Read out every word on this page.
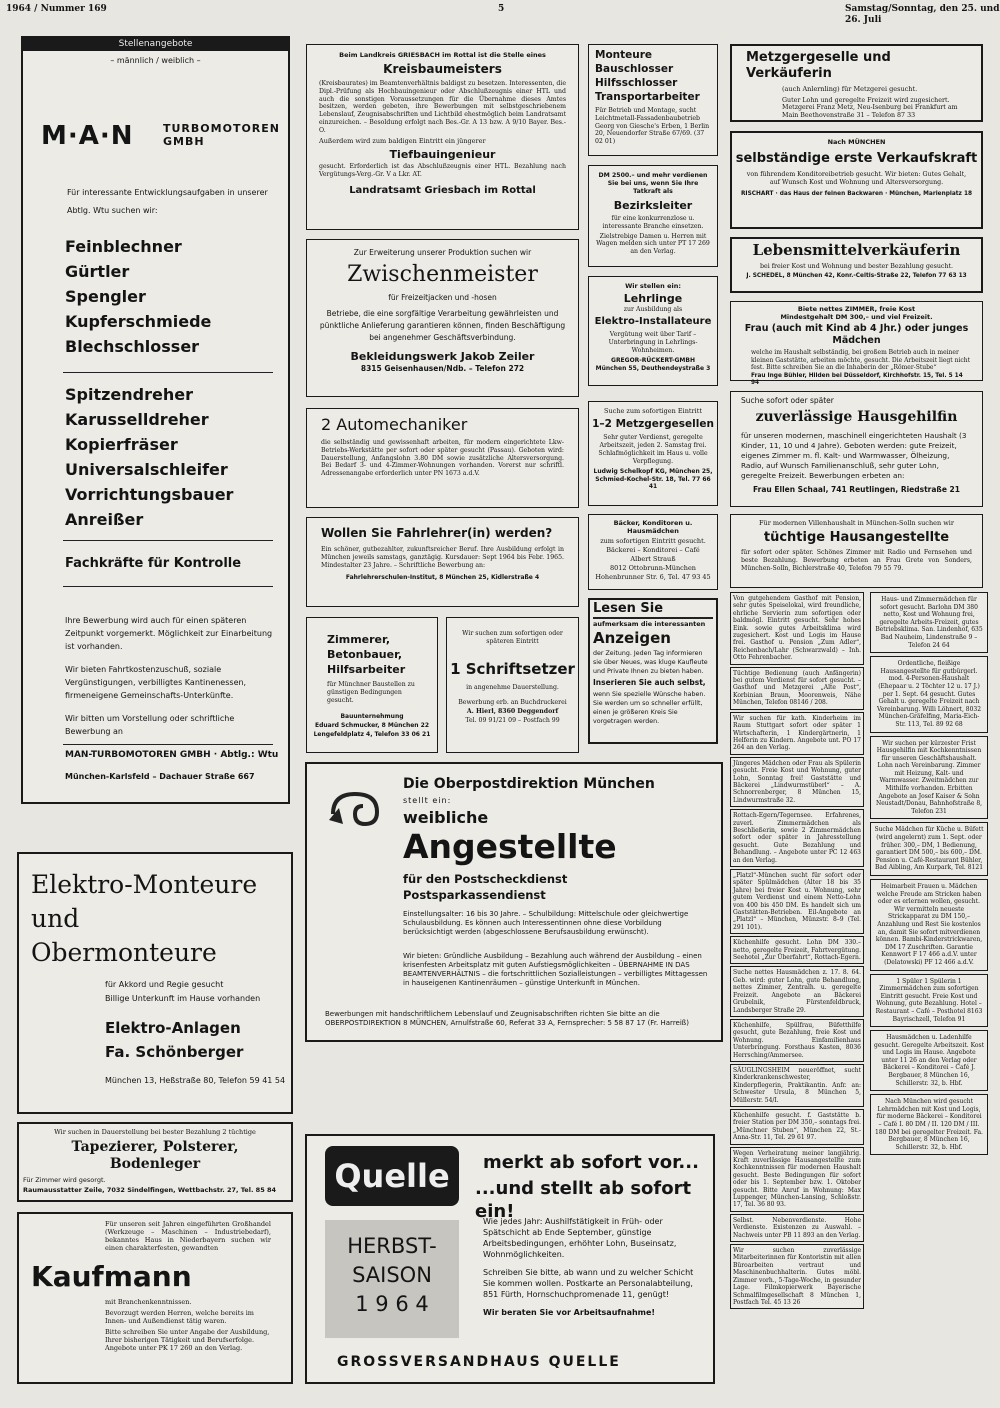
1964 / Nummer 169	5	Samstag/Sonntag, den 25. und 26. Juli
Stellenangebote
– männlich / weiblich –
M·A·N	TURBOMOTOREN
GMBH
Für interessante Entwicklungsaufgaben in unserer Abtlg. Wtu suchen wir:
Feinblechner
Gürtler
Spengler
Kupferschmiede
Blechschlosser
Spitzendreher
Karusselldreher
Kopierfräser
Universalschleifer
Vorrichtungsbauer
Anreißer
Fachkräfte für Kontrolle

Ihre Bewerbung wird auch für einen späteren Zeitpunkt vorgemerkt. Möglichkeit zur Einarbeitung ist vorhanden.

Wir bieten Fahrtkostenzuschuß, soziale Vergünstigungen, verbilligtes Kantinenessen, firmeneigene Gemeinschafts-Unterkünfte.

Wir bitten um Vorstellung oder schriftliche Bewerbung an

MAN-TURBOMOTOREN GMBH · Abtlg.: Wtu
München-Karlsfeld – Dachauer Straße 667
Elektro-Monteure
und
Obermonteure
für Akkord und Regie gesucht
Billige Unterkunft im Hause vorhanden
Elektro-Anlagen
Fa. Schönberger
München 13, Heßstraße 80, Telefon 59 41 54
Wir suchen in Dauerstellung bei bester Bezahlung 2 tüchtige
Tapezierer, Polsterer,
Bodenleger
Für Zimmer wird gesorgt.
Raumausstatter Zeile, 7032 Sindelfingen, Wettbachstr. 27, Tel. 85 84
Für unseren seit Jahren eingeführten Großhandel (Werkzeuge – Maschinen – Industriebedarf), bekanntes Haus in Niederbayern suchen wir einen charakterfesten, gewandten
Kaufmann
mit Branchenkenntnissen.
Bevorzugt werden Herren, welche bereits im Innen- und Außendienst tätig waren.
Bitte schreiben Sie unter Angabe der Ausbildung, Ihrer bisherigen Tätigkeit und Berufserfolge. Angebote unter PK 17 260 an den Verlag.
Beim Landkreis GRIESBACH im Rottal ist die Stelle eines
Kreisbaumeisters
(Kreisbaurates) im Beamtenverhältnis baldigst zu besetzen. Interessenten, die Dipl.-Prüfung als Hochbauingenieur oder Abschlußzeugnis einer HTL und auch die sonstigen Voraussetzungen für die Übernahme dieses Amtes besitzen, werden gebeten, ihre Bewerbungen mit selbstgeschriebenem Lebenslauf, Zeugnisabschriften und Lichtbild ehestmöglich beim Landratsamt einzureichen. – Besoldung erfolgt nach Bes.-Gr. A 13 bzw. A 9/10 Bayer. Bes.-O.
Außerdem wird zum baldigen Eintritt ein jüngerer
Tiefbauingenieur
gesucht. Erforderlich ist das Abschlußzeugnis einer HTL. Bezahlung nach Vergütungs-Verg.-Gr. V a Lkr. AT.
Landratsamt Griesbach im Rottal
Zur Erweiterung unserer Produktion suchen wir
Zwischenmeister
für Freizeitjacken und -hosen
Betriebe, die eine sorgfältige Verarbeitung gewährleisten und pünktliche Anlieferung garantieren können, finden Beschäftigung bei angenehmer Geschäftsverbindung.
Bekleidungswerk Jakob Zeiler
8315 Geisenhausen/Ndb. – Telefon 272
2 Automechaniker
die selbständig und gewissenhaft arbeiten, für modern eingerichtete Lkw-Betriebs-Werkstätte per sofort oder später gesucht (Passau). Geboten wird: Dauerstellung, Anfangslohn 3.80 DM sowie zusätzliche Altersversorgung. Bei Bedarf 3- und 4-Zimmer-Wohnungen vorhanden. Vorerst nur schriftl. Adressenangabe erforderlich unter PN 1673 a.d.V.
Wollen Sie Fahrlehrer(in) werden?
Ein schöner, gutbezahlter, zukunftsreicher Beruf. Ihre Ausbildung erfolgt in München jeweils samstags, ganztägig. Kursdauer: Sept 1964 bis Febr. 1965. Mindestalter 23 Jahre. – Schriftliche Bewerbung an:
Fahrlehrerschulen-Institut, 8 München 25, Kidlerstraße 4
Zimmerer, Betonbauer, Hilfsarbeiter
für Münchner Baustellen zu günstigen Bedingungen gesucht.
Bauunternehmung
Eduard Schmucker, 8 München 22
Lengefeldplatz 4, Telefon 33 06 21
Wir suchen zum sofortigen oder späteren Eintritt
1 Schriftsetzer
in angenehme Dauerstellung.
Bewerbung erb. an Buchdruckerei
A. Hierl, 8360 Deggendorf
Tel. 09 91/21 09 – Postfach 99
Monteure Bauschlosser Hilfsschlosser Transportarbeiter
Für Betrieb und Montage, sucht Leichtmetall-Fassadenbaubetrieb Georg von Giesche's Erben, 1 Berlin 20, Neuendorfer Straße 67/69. (37 02 01)
DM 2500.– und mehr verdienen Sie bei uns, wenn Sie Ihre Tatkraft als
Bezirksleiter
für eine konkurrenzlose u. interessante Branche einsetzen.
Zielstrebige Damen u. Herren mit Wagen melden sich unter PT 17 269 an den Verlag.
Wir stellen ein:
Lehrlinge
zur Ausbildung als
Elektro-Installateure
Vergütung weit über Tarif – Unterbringung in Lehrlings-Wohnheimen.
GREGOR-RÜCKERT-GMBH
München 55, Deuthendeystraße 3
Suche zum sofortigen Eintritt
1–2 Metzgergesellen
Sehr guter Verdienst, geregelte Arbeitszeit, jeden 2. Samstag frei. Schlafmöglichkeit im Haus u. volle Verpflegung.
Ludwig Schelkopf KG, München 25, Schmied-Kochel-Str. 18, Tel. 77 66 41
Bäcker, Konditoren u. Hausmädchen
zum sofortigen Eintritt gesucht.
Bäckerei – Konditorei – Café
Albert Strauß
8012 Ottobrunn-München
Hohenbrunner Str. 6, Tel. 47 93 45
Lesen Sie
aufmerksam die interessanten
Anzeigen
der Zeitung. Jeden Tag informieren sie über Neues, was kluge Kaufleute und Private Ihnen zu bieten haben.
Inserieren Sie auch selbst,
wenn Sie spezielle Wünsche haben. Sie werden um so schneller erfüllt, einen je größeren Kreis Sie vorgetragen werden.
Metzgergeselle und Verkäuferin
(auch Anlernling) für Metzgerei gesucht.
Guter Lohn und geregelte Freizeit wird zugesichert. Metzgerei Franz Metz, Neu-Isenburg bei Frankfurt am Main Beethovenstraße 31 – Telefon 87 33
Nach MÜNCHEN
selbständige erste Verkaufskraft
von führendem Konditoreibetrieb gesucht. Wir bieten: Gutes Gehalt, auf Wunsch Kost und Wohnung und Altersversorgung.
RISCHART · das Haus der feinen Backwaren · München, Marienplatz 18
Lebensmittelverkäuferin
bei freier Kost und Wohnung und bester Bezahlung gesucht.
J. SCHEDEL, 8 München 42, Konr.-Celtis-Straße 22, Telefon 77 63 13
Biete nettes ZIMMER, freie Kost
Mindestgehalt DM 300,– und viel Freizeit.
Frau (auch mit Kind ab 4 Jhr.) oder junges Mädchen
welche im Haushalt selbständig, bei großem Betrieb auch in meiner kleinen Gaststätte, arbeiten möchte, gesucht. Die Arbeitszeit liegt nicht fest. Bitte schreiben Sie an die Inhaberin der „Römer-Stube“
Frau Inge Bühler, Hilden bei Düsseldorf, Kirchhofstr. 15, Tel. 5 14 94
Suche sofort oder später
zuverlässige Hausgehilfin
für unseren modernen, maschinell eingerichteten Haushalt (3 Kinder, 11, 10 und 4 Jahre). Geboten werden: gute Freizeit, eigenes Zimmer m. fl. Kalt- und Warmwasser, Ölheizung, Radio, auf Wunsch Familienanschluß, sehr guter Lohn, geregelte Freizeit. Bewerbungen erbeten an:
Frau Ellen Schaal, 741 Reutlingen, Riedstraße 21
Für modernen Villenhaushalt in München-Solln suchen wir
tüchtige Hausangestellte
für sofort oder später. Schönes Zimmer mit Radio und Fernsehen und beste Bezahlung. Bewerbung erbeten an Frau Grete von Sonders, München-Solln, Bichlerstraße 40, Telefon 79 55 79.
Von gutgehendem Gasthof mit Pension, sehr gutes Speiselokal, wird freundliche, ehrliche Servierin zum sofortigen oder baldmögl. Eintritt gesucht. Sehr hohes Eink. sowie gutes Arbeitsklima wird zugesichert. Kost und Logis im Hause frei. Gasthof u. Pension „Zum Adler“, Reichenbach/Lahr (Schwarzwald) – Inh. Otto Fehrenbacher.
Tüchtige Bedienung (auch Anfängerin) bei gutem Verdienst für sofort gesucht. – Gasthof und Metzgerei „Alte Post“, Korbinian Braun, Moorenweis, Nähe München, Telefon 08146 / 208.
Wir suchen für kath. Kinderheim im Raum Stuttgart sofort oder später 1 Wirtschafterin, 1 Kindergärtnerin, 1 Helferin zu Kindern. Angebote unt. PO 17 264 an den Verlag.
Jüngeres Mädchen oder Frau als Spülerin gesucht. Freie Kost und Wohnung, guter Lohn, Sonntag frei! Gaststätte und Bäckerei „Lindwurmstüberl“ – A. Schnorrenberger, 8 München 15, Lindwurmstraße 32.
Rottach-Egern/Tegernsee. Erfahrenes, zuverl. Zimmermädchen als Beschließerin, sowie 2 Zimmermädchen sofort oder später in Jahresstellung gesucht. Gute Bezahlung und Behandlung. – Angebote unter PC 12 463 an den Verlag.
„Platzl“-München sucht für sofort oder später Spülmädchen (Alter 18 bis 35 Jahre) bei freier Kost u. Wohnung, sehr gutem Verdienst und einem Netto-Lohn von 400 bis 450 DM. Es handelt sich um Gaststätten-Betrieben. Eil-Angebote an „Platzl“ – München, Münzstr. 8–9 (Tel. 291 101).
Küchenhilfe gesucht. Lohn DM 330.– netto, geregelte Freizeit, Fahrtvergütung. Seehotel „Zur Überfahrt“, Rottach-Egern.
Suche nettes Hausmädchen z. 17. 8. 64. Geb. wird: guter Lohn, gute Behandlung, nettes Zimmer, Zentralh. u. geregelte Freizeit. Angebote an Bäckerei Grubelnik, Fürstenfeldbruck, Landsberger Straße 29.
Küchenhilfe, Spülfrau, Büfetthilfe gesucht, gute Bezahlung, freie Kost und Wohnung. Einfamilienhaus Unterbringung. Forsthaus Kasten, 8036 Herrsching/Ammersee.
SÄUGLINGSHEIM neueröffnet, sucht Kinderkrankenschwester, Kinderpflegerin, Praktikantin. Anfr. an: Schwester Ursula, 8 München 5, Müllerstr. 54/I.
Küchenhilfe gesucht. f. Gaststätte b. freier Station per DM 350,– sonntags frei. „Münchner Stuben“, München 22, St.-Anna-Str. 11, Tel. 29 61 97.
Wegen Verheiratung meiner langjährig. Kraft zuverlässige Hausangestellte zum Kochkenntnissen für modernen Haushalt gesucht. Beste Bedingungen für sofort oder bis 1. September bzw. 1. Oktober gesucht. Bitte Anruf in Wohnung: Max Luppenger, München-Lansing, Schloßstr. 17, Tel. 36 80 93.
Selbst. Nebenverdienste. Hohe Verdienste. Existenzen zu Auswahl. – Nachweis unter PB 11 893 an den Verlag.
Wir suchen zuverlässige Mitarbeiterinnen für Kontoristin mit allen Büroarbeiten vertraut und Maschinenbuchhalterin. Gutes möbl. Zimmer vorh., 5-Tage-Woche, in gesunder Lage. Filmkopierwerk Bayerische Schmalfilmgesellschaft 8 München 1, Postfach Tel. 45 13 26
Haus- und Zimmermädchen für sofort gesucht. Barlohn DM 380 netto, Kost und Wohnung frei, geregelte Arbeits-Freizeit, gutes Betriebsklima. San. Lindenhof, 635 Bad Nauheim, Lindenstraße 9 – Telefon 24 64
Ordentliche, fleißige Hausangestellte für gutbürgerl. mod. 4-Personen-Haushalt (Ehepaar u. 2 Töchter 12 u. 17 J.) per 1. Sept. 64 gesucht. Gutes Gehalt u. geregelte Freizeit nach Vereinbarung. Willi Löhnert, 8032 München-Gräfelfing, Maria-Eich-Str. 113, Tel. 89 92 68
Wir suchen per kürzester Frist Hausgehilfin mit Kochkenntnissen für unseren Geschäftshaushalt. Lohn nach Vereinbarung. Zimmer mit Heizung, Kalt- und Warmwasser. Zweitmädchen zur Mithilfe vorhanden. Erbitten Angebote an Josef Kaiser & Sohn Neustadt/Donau, Bahnhofstraße 8, Telefon 231
Suche Mädchen für Küche u. Büfett (wird angelernt) zum 1. Sept. oder früher. 300,– DM, 1 Bedienung, garantiert DM 500,– bis 600,– DM. Pension u. Café-Restaurant Bühler, Bad Aibling, Am Kurpark, Tel. 8121
Heimarbeit Frauen u. Mädchen welche Freude am Stricken haben oder es erlernen wollen, gesucht. Wir vermitteln neueste Strickapparat zu DM 150,– Anzahlung und Rest Sie kostenlos an, damit Sie sofort mitverdienen können. Bambi-Kinderstrickwaren, DM 17 Zuschriften. Garantie Kennwort F 17 466 a.d.V. unter (Delatowski) PF 12 466 a.d.V.
1 Spüler 1 Spülerin 1 Zimmermädchen zum sofortigen Eintritt gesucht. Freie Kost und Wohnung, gute Bezahlung. Hotel – Restaurant – Café – Posthotel 8163 Bayrischzell, Telefon 91
Hausmädchen u. Ladenhilfe gesucht. Geregelte Arbeitszeit. Kost und Logis im Hause. Angebote unter 11 26 an den Verlag oder Bäckerei – Konditorei – Café J. Bergbauer, 8 München 16, Schillerstr. 32, b. Hbf.
Nach München wird gesucht Lehrmädchen mit Kost und Logis, für moderne Bäckerei – Konditorei – Café I. 80 DM / II. 120 DM / III. 180 DM bei geregelter Freizeit. Fa. Bergbauer, 8 München 16, Schillerstr. 32, b. Hbf.
Die Oberpostdirektion München
stellt ein:
weibliche
Angestellte
für den Postscheckdienst
Postsparkassendienst
Einstellungsalter: 16 bis 30 Jahre. – Schulbildung: Mittelschule oder gleichwertige Schulausbildung. Es können auch Interessentinnen ohne diese Vorbildung berücksichtigt werden (abgeschlossene Berufsausbildung erwünscht).
Wir bieten: Gründliche Ausbildung – Bezahlung auch während der Ausbildung – einen krisenfesten Arbeitsplatz mit guten Aufstiegsmöglichkeiten – ÜBERNAHME IN DAS BEAMTENVERHÄLTNIS – die fortschrittlichen Sozialleistungen – verbilligtes Mittagessen in hauseigenen Kantinenräumen – günstige Unterkunft in München.
Bewerbungen mit handschriftlichem Lebenslauf und Zeugnisabschriften richten Sie bitte an die OBERPOSTDIREKTION 8 MÜNCHEN, Arnulfstraße 60, Referat 33 A, Fernsprecher: 5 58 87 17 (Fr. Harreiß)
Quelle	merkt ab sofort vor...
...und stellt ab sofort ein!
HERBST-
SAISON
1 9 6 4
Wie jedes Jahr: Aushilfstätigkeit in Früh- oder Spätschicht ab Ende September, günstige Arbeitsbedingungen, erhöhter Lohn, Buseinsatz, Wohnmöglichkeiten.
Schreiben Sie bitte, ab wann und zu welcher Schicht Sie kommen wollen. Postkarte an Personalabteilung, 851 Fürth, Hornschuchpromenade 11, genügt!
Wir beraten Sie vor Arbeitsaufnahme!
GROSSVERSANDHAUS QUELLE
